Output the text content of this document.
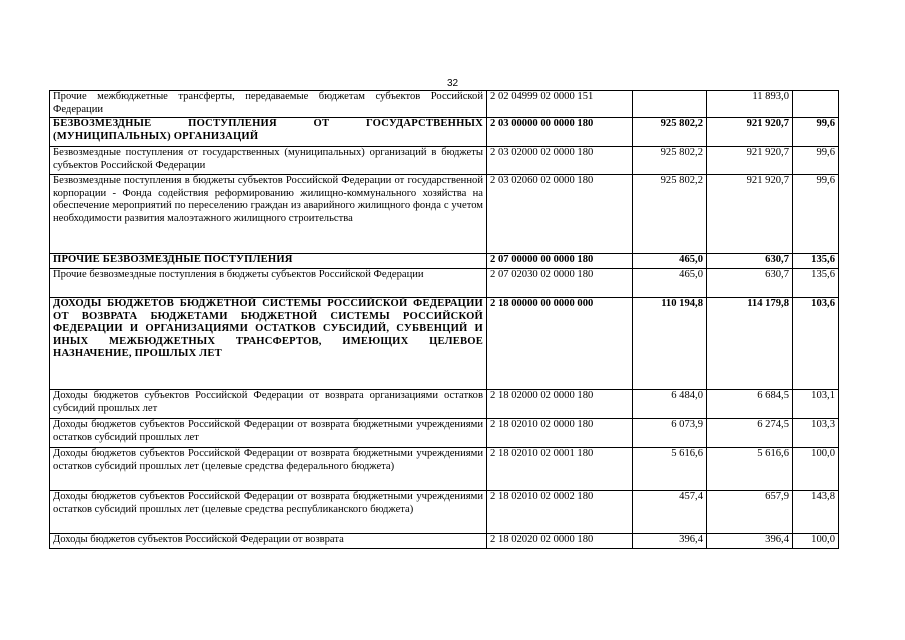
32
Прочие межбюджетные трансферты, передаваемые бюджетам субъектов Российской Федерации	2 02 04999 02 0000 151		11 893,0	
БЕЗВОЗМЕЗДНЫЕ ПОСТУПЛЕНИЯ ОТ ГОСУДАРСТВЕННЫХ (МУНИЦИПАЛЬНЫХ) ОРГАНИЗАЦИЙ	2 03 00000 00 0000 180	925 802,2	921 920,7	99,6
Безвозмездные поступления от государственных (муниципальных) организаций в бюджеты субъектов Российской Федерации	2 03 02000 02 0000 180	925 802,2	921 920,7	99,6
Безвозмездные поступления в бюджеты субъектов Российской Федерации от государственной корпорации - Фонда содействия реформированию жилищно-коммунального хозяйства на обеспечение мероприятий по переселению граждан из аварийного жилищного фонда с учетом необходимости развития малоэтажного жилищного строительства	2 03 02060 02 0000 180	925 802,2	921 920,7	99,6
ПРОЧИЕ БЕЗВОЗМЕЗДНЫЕ ПОСТУПЛЕНИЯ	2 07 00000 00 0000 180	465,0	630,7	135,6
Прочие безвозмездные поступления в бюджеты субъектов Российской Федерации	2 07 02030 02 0000 180	465,0	630,7	135,6
ДОХОДЫ БЮДЖЕТОВ БЮДЖЕТНОЙ СИСТЕМЫ РОССИЙСКОЙ ФЕДЕРАЦИИ ОТ ВОЗВРАТА БЮДЖЕТАМИ БЮДЖЕТНОЙ СИСТЕМЫ РОССИЙСКОЙ ФЕДЕРАЦИИ И ОРГАНИЗАЦИЯМИ ОСТАТКОВ СУБСИДИЙ, СУБВЕНЦИЙ И ИНЫХ МЕЖБЮДЖЕТНЫХ ТРАНСФЕРТОВ, ИМЕЮЩИХ ЦЕЛЕВОЕ НАЗНАЧЕНИЕ, ПРОШЛЫХ ЛЕТ	2 18 00000 00 0000 000	110 194,8	114 179,8	103,6
Доходы бюджетов субъектов Российской Федерации от возврата организациями остатков субсидий прошлых лет	2 18 02000 02 0000 180	6 484,0	6 684,5	103,1
Доходы бюджетов субъектов Российской Федерации от возврата бюджетными учреждениями остатков субсидий прошлых лет	2 18 02010 02 0000 180	6 073,9	6 274,5	103,3
Доходы бюджетов субъектов Российской Федерации от возврата бюджетными учреждениями остатков субсидий прошлых лет (целевые средства федерального бюджета)	2 18 02010 02 0001 180	5 616,6	5 616,6	100,0
Доходы бюджетов субъектов Российской Федерации от возврата бюджетными учреждениями остатков субсидий прошлых лет (целевые средства республиканского бюджета)	2 18 02010 02 0002 180	457,4	657,9	143,8
Доходы бюджетов субъектов Российской Федерации от возврата	2 18 02020 02 0000 180	396,4	396,4	100,0
